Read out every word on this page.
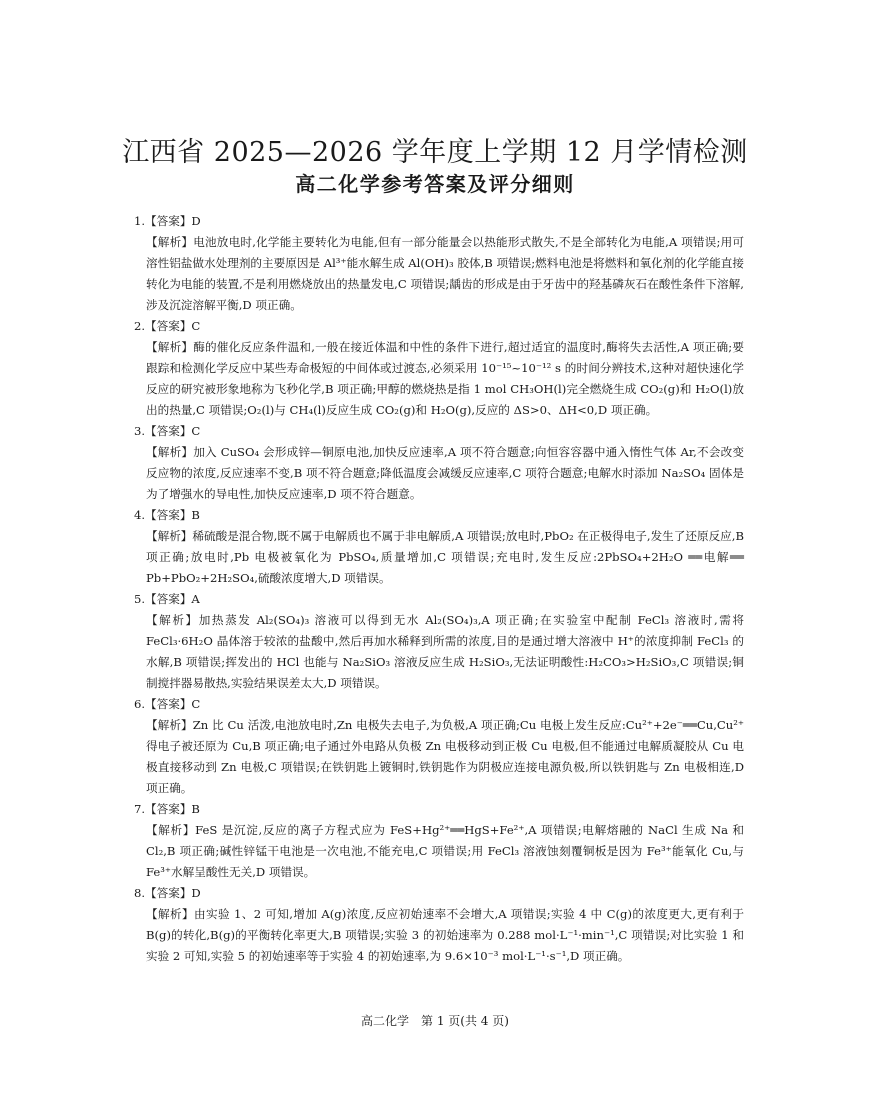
江西省 2025—2026 学年度上学期 12 月学情检测
高二化学参考答案及评分细则
1.【答案】D
【解析】电池放电时,化学能主要转化为电能,但有一部分能量会以热能形式散失,不是全部转化为电能,A 项错误;用可溶性铝盐做水处理剂的主要原因是 Al³⁺能水解生成 Al(OH)₃ 胶体,B 项错误;燃料电池是将燃料和氧化剂的化学能直接转化为电能的装置,不是利用燃烧放出的热量发电,C 项错误;龋齿的形成是由于牙齿中的羟基磷灰石在酸性条件下溶解,涉及沉淀溶解平衡,D 项正确。
2.【答案】C
【解析】酶的催化反应条件温和,一般在接近体温和中性的条件下进行,超过适宜的温度时,酶将失去活性,A 项正确;要跟踪和检测化学反应中某些寿命极短的中间体或过渡态,必须采用 10⁻¹⁵~10⁻¹² s 的时间分辨技术,这种对超快速化学反应的研究被形象地称为飞秒化学,B 项正确;甲醇的燃烧热是指 1 mol CH₃OH(l)完全燃烧生成 CO₂(g)和 H₂O(l)放出的热量,C 项错误;O₂(l)与 CH₄(l)反应生成 CO₂(g)和 H₂O(g),反应的 ΔS>0、ΔH<0,D 项正确。
3.【答案】C
【解析】加入 CuSO₄ 会形成锌—铜原电池,加快反应速率,A 项不符合题意;向恒容容器中通入惰性气体 Ar,不会改变反应物的浓度,反应速率不变,B 项不符合题意;降低温度会减缓反应速率,C 项符合题意;电解水时添加 Na₂SO₄ 固体是为了增强水的导电性,加快反应速率,D 项不符合题意。
4.【答案】B
【解析】稀硫酸是混合物,既不属于电解质也不属于非电解质,A 项错误;放电时,PbO₂ 在正极得电子,发生了还原反应,B 项正确;放电时,Pb 电极被氧化为 PbSO₄,质量增加,C 项错误;充电时,发生反应:2PbSO₄+2H₂O ══电解══ Pb+PbO₂+2H₂SO₄,硫酸浓度增大,D 项错误。
5.【答案】A
【解析】加热蒸发 Al₂(SO₄)₃ 溶液可以得到无水 Al₂(SO₄)₃,A 项正确;在实验室中配制 FeCl₃ 溶液时,需将 FeCl₃·6H₂O 晶体溶于较浓的盐酸中,然后再加水稀释到所需的浓度,目的是通过增大溶液中 H⁺的浓度抑制 FeCl₃ 的水解,B 项错误;挥发出的 HCl 也能与 Na₂SiO₃ 溶液反应生成 H₂SiO₃,无法证明酸性:H₂CO₃>H₂SiO₃,C 项错误;铜制搅拌器易散热,实验结果误差太大,D 项错误。
6.【答案】C
【解析】Zn 比 Cu 活泼,电池放电时,Zn 电极失去电子,为负极,A 项正确;Cu 电极上发生反应:Cu²⁺+2e⁻══Cu,Cu²⁺得电子被还原为 Cu,B 项正确;电子通过外电路从负极 Zn 电极移动到正极 Cu 电极,但不能通过电解质凝胶从 Cu 电极直接移动到 Zn 电极,C 项错误;在铁钥匙上镀铜时,铁钥匙作为阴极应连接电源负极,所以铁钥匙与 Zn 电极相连,D 项正确。
7.【答案】B
【解析】FeS 是沉淀,反应的离子方程式应为 FeS+Hg²⁺══HgS+Fe²⁺,A 项错误;电解熔融的 NaCl 生成 Na 和 Cl₂,B 项正确;碱性锌锰干电池是一次电池,不能充电,C 项错误;用 FeCl₃ 溶液蚀刻覆铜板是因为 Fe³⁺能氧化 Cu,与 Fe³⁺水解呈酸性无关,D 项错误。
8.【答案】D
【解析】由实验 1、2 可知,增加 A(g)浓度,反应初始速率不会增大,A 项错误;实验 4 中 C(g)的浓度更大,更有利于 B(g)的转化,B(g)的平衡转化率更大,B 项错误;实验 3 的初始速率为 0.288 mol·L⁻¹·min⁻¹,C 项错误;对比实验 1 和实验 2 可知,实验 5 的初始速率等于实验 4 的初始速率,为 9.6×10⁻³ mol·L⁻¹·s⁻¹,D 项正确。
高二化学　第 1 页(共 4 页)
